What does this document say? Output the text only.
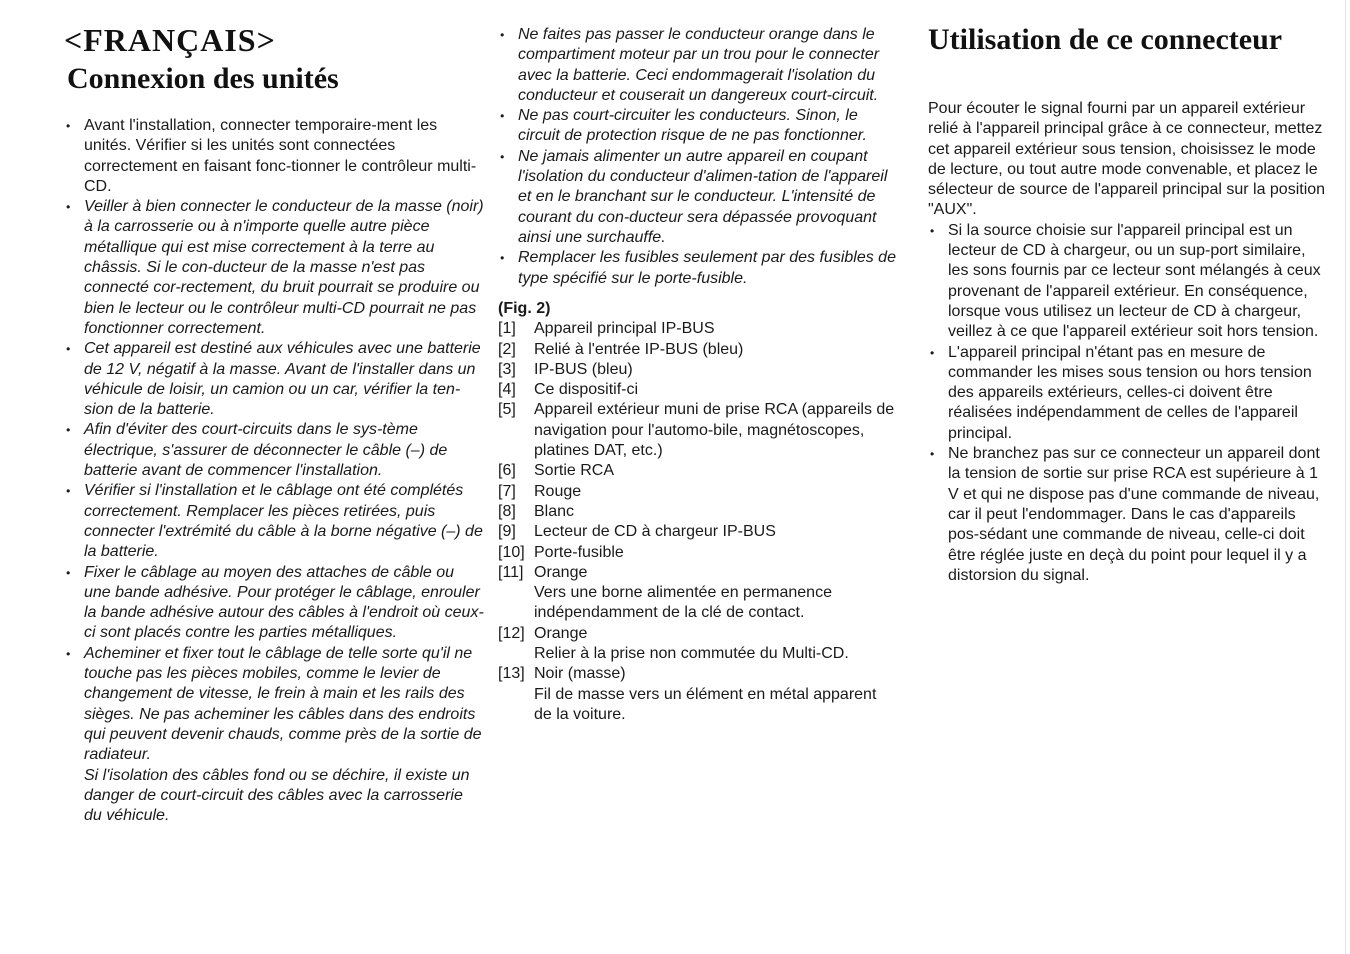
<FRANÇAIS>
Connexion des unités
• Avant l'installation, connecter temporaire-ment les unités. Vérifier si les unités sont connectées correctement en faisant fonc-tionner le contrôleur multi-CD.
• Veiller à bien connecter le conducteur de la masse (noir) à la carrosserie ou à n'importe quelle autre pièce métallique qui est mise correctement à la terre au châssis. Si le con-ducteur de la masse n'est pas connecté cor-rectement, du bruit pourrait se produire ou bien le lecteur ou le contrôleur multi-CD pourrait ne pas fonctionner correctement.
• Cet appareil est destiné aux véhicules avec une batterie de 12 V, négatif à la masse. Avant de l'installer dans un véhicule de loisir, un camion ou un car, vérifier la ten-sion de la batterie.
• Afin d'éviter des court-circuits dans le sys-tème électrique, s'assurer de déconnecter le câble (–) de batterie avant de commencer l'installation.
• Vérifier si l'installation et le câblage ont été complétés correctement. Remplacer les pièces retirées, puis connecter l'extrémité du câble à la borne négative (–) de la batterie.
• Fixer le câblage au moyen des attaches de câble ou une bande adhésive. Pour protéger le câblage, enrouler la bande adhésive autour des câbles à l'endroit où ceux-ci sont placés contre les parties métalliques.
• Acheminer et fixer tout le câblage de telle sorte qu'il ne touche pas les pièces mobiles, comme le levier de changement de vitesse, le frein à main et les rails des sièges. Ne pas acheminer les câbles dans des endroits qui peuvent devenir chauds, comme près de la sortie de radiateur.
Si l'isolation des câbles fond ou se déchire, il existe un danger de court-circuit des câbles avec la carrosserie du véhicule.
• Ne faites pas passer le conducteur orange dans le compartiment moteur par un trou pour le connecter avec la batterie. Ceci endommagerait l'isolation du conducteur et couserait un dangereux court-circuit.
• Ne pas court-circuiter les conducteurs. Sinon, le circuit de protection risque de ne pas fonctionner.
• Ne jamais alimenter un autre appareil en coupant l'isolation du conducteur d'alimen-tation de l'appareil et en le branchant sur le conducteur. L'intensité de courant du con-ducteur sera dépassée provoquant ainsi une surchauffe.
• Remplacer les fusibles seulement par des fusibles de type spécifié sur le porte-fusible.
(Fig. 2)
[1]	Appareil principal IP-BUS
[2]	Relié à l'entrée IP-BUS (bleu)
[3]	IP-BUS (bleu)
[4]	Ce dispositif-ci
[5]	Appareil extérieur muni de prise RCA (appareils de navigation pour l'automo-bile, magnétoscopes, platines DAT, etc.)
[6]	Sortie RCA
[7]	Rouge
[8]	Blanc
[9]	Lecteur de CD à chargeur IP-BUS
[10] Porte-fusible
[11] Orange
Vers une borne alimentée en permanence indépendamment de la clé de contact.
[12] Orange
Relier à la prise non commutée du Multi-CD.
[13] Noir (masse)
Fil de masse vers un élément en métal apparent de la voiture.
Utilisation de ce connecteur

Pour écouter le signal fourni par un appareil extérieur relié à l'appareil principal grâce à ce connecteur, mettez cet appareil extérieur sous tension, choisissez le mode de lecture, ou tout autre mode convenable, et placez le sélecteur de source de l'appareil principal sur la position "AUX".

• Si la source choisie sur l'appareil principal est un lecteur de CD à chargeur, ou un sup-port similaire, les sons fournis par ce lecteur sont mélangés à ceux provenant de l'appareil extérieur. En conséquence, lorsque vous utilisez un lecteur de CD à chargeur, veillez à ce que l'appareil extérieur soit hors tension.
• L'appareil principal n'étant pas en mesure de commander les mises sous tension ou hors tension des appareils extérieurs, celles-ci doivent être réalisées indépendamment de celles de l'appareil principal.
• Ne branchez pas sur ce connecteur un appareil dont la tension de sortie sur prise RCA est supérieure à 1 V et qui ne dispose pas d'une commande de niveau, car il peut l'endommager. Dans le cas d'appareils pos-sédant une commande de niveau, celle-ci doit être réglée juste en deçà du point pour lequel il y a distorsion du signal.
